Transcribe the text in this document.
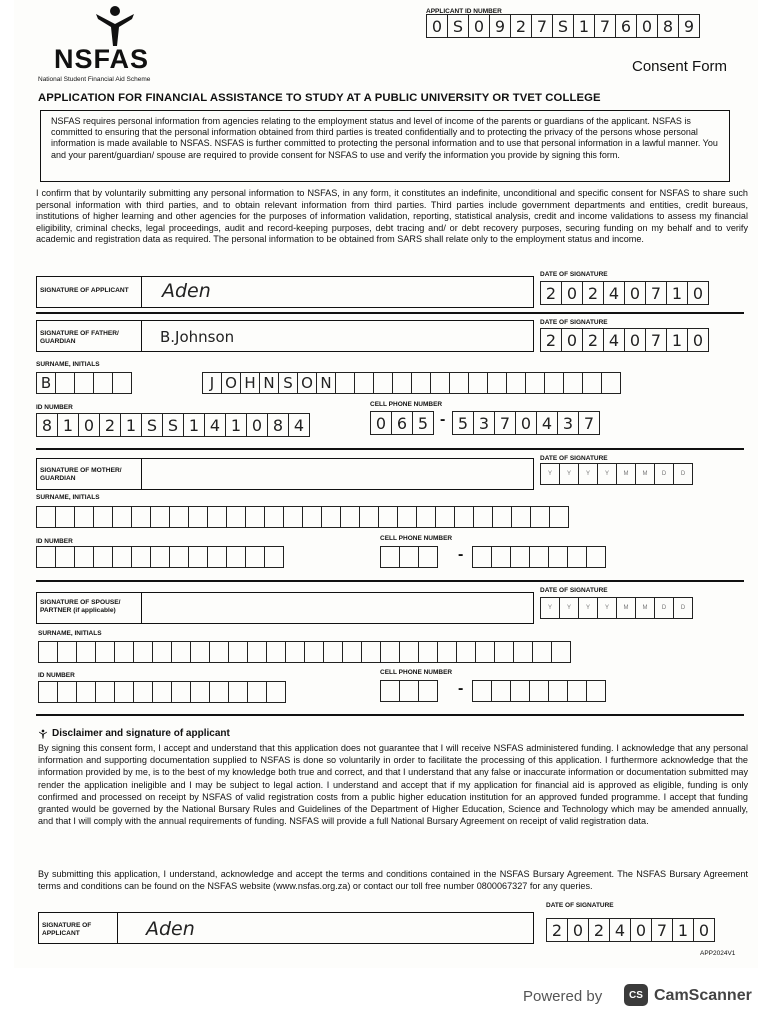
NSFAS
National Student Financial Aid Scheme
APPLICANT ID NUMBER
0 S 0 9 2 7 S 1 7 6 0 8 9
Consent Form
APPLICATION FOR FINANCIAL ASSISTANCE TO STUDY AT A PUBLIC UNIVERSITY OR TVET COLLEGE
NSFAS requires personal information from agencies relating to the employment status and level of income of the parents or guardians of the applicant. NSFAS is committed to ensuring that the personal information obtained from third parties is treated confidentially and to protecting the privacy of the persons whose personal information is made available to NSFAS. NSFAS is further committed to protecting the personal information and to use that personal information in a lawful manner. You and your parent/guardian/ spouse are required to provide consent for NSFAS to use and verify the information you provide by signing this form.
I confirm that by voluntarily submitting any personal information to NSFAS, in any form, it constitutes an indefinite, unconditional and specific consent for NSFAS to share such personal information with third parties, and to obtain relevant information from third parties. Third parties include government departments and entities, credit bureaus, institutions of higher learning and other agencies for the purposes of information validation, reporting, statistical analysis, credit and income validations to assess my financial eligibility, criminal checks, legal proceedings, audit and record-keeping purposes, debt tracing and/ or debt recovery purposes, securing funding on my behalf and to verify academic and registration data as required. The personal information to be obtained from SARS shall relate only to the employment status and income.
SIGNATURE OF APPLICANT	Aden
DATE OF SIGNATURE
2 0 2 4 0 7 1 0
SIGNATURE OF FATHER/ GUARDIAN	B.Johnson
DATE OF SIGNATURE
2 0 2 4 0 7 1 0
SURNAME, INITIALS
B	J O H N S O N
ID NUMBER	CELL PHONE NUMBER
8 1 0 2 1 S S 1 4 1 0 8 4	0 6 5 - 5 3 7 0 4 3 7
SIGNATURE OF MOTHER/ GUARDIAN
DATE OF SIGNATURE
Y	Y	Y	Y	M	M	D	D
SURNAME, INITIALS
ID NUMBER	CELL PHONE NUMBER
-
SIGNATURE OF SPOUSE/
PARTNER (if applicable)
DATE OF SIGNATURE
Y	Y	Y	Y	M	M	D	D
SURNAME, INITIALS
ID NUMBER	CELL PHONE NUMBER
-
Disclaimer and signature of applicant
By signing this consent form, I accept and understand that this application does not guarantee that I will receive NSFAS administered funding. I acknowledge that any personal information and supporting documentation supplied to NSFAS is done so voluntarily in order to facilitate the processing of this application. I furthermore acknowledge that the information provided by me, is to the best of my knowledge both true and correct, and that I understand that any false or inaccurate information or documentation submitted may render the application ineligible and I may be subject to legal action. I understand and accept that if my application for financial aid is approved as eligible, funding is only confirmed and processed on receipt by NSFAS of valid registration costs from a public higher education institution for an approved funded programme. I accept that funding granted would be governed by the National Bursary Rules and Guidelines of the Department of Higher Education, Science and Technology which may be amended annually, and that I will comply with the annual requirements of funding. NSFAS will provide a full National Bursary Agreement on receipt of valid registration data.
By submitting this application, I understand, acknowledge and accept the terms and conditions contained in the NSFAS Bursary Agreement. The NSFAS Bursary Agreement terms and conditions can be found on the NSFAS website (www.nsfas.org.za) or contact our toll free number 0800067327 for any queries.
SIGNATURE OF APPLICANT	Aden
DATE OF SIGNATURE
2 0 2 4 0 7 1 0
APP2024V1
Powered by	CS CamScanner
